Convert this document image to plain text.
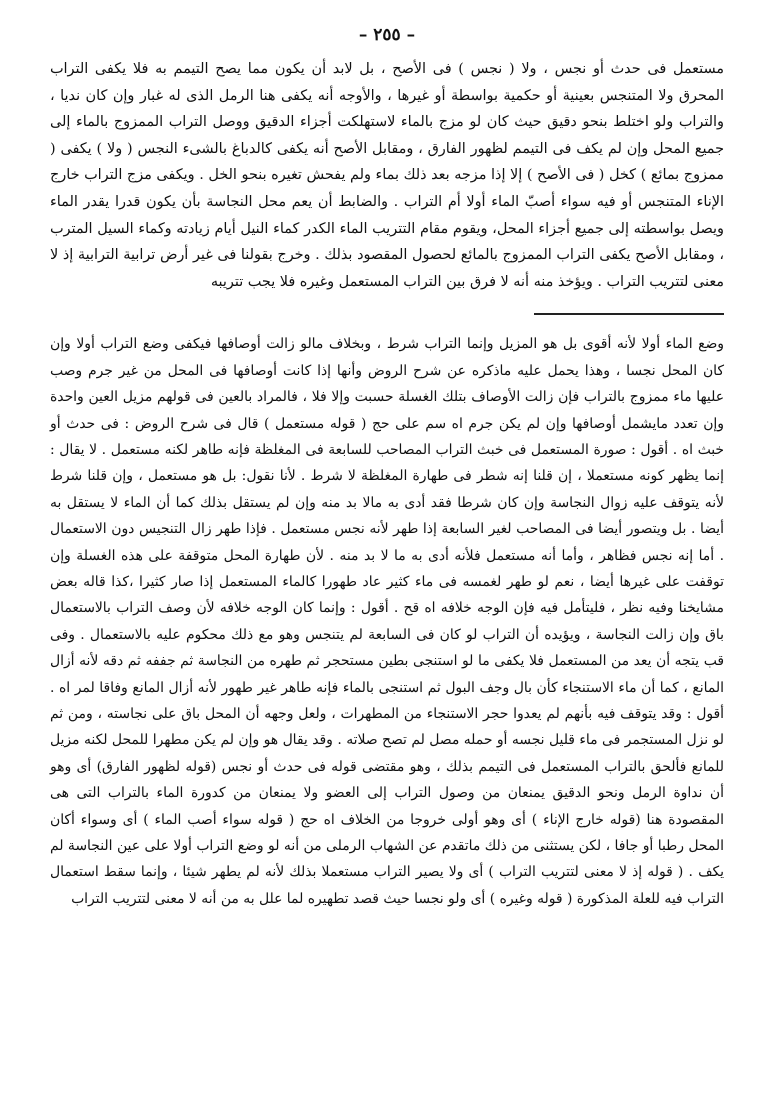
– ٢٥٥ –

مستعمل فى حدث أو نجس ، ولا ( نجس ) فى الأصح ، بل لابد أن يكون مما يصح التيمم به فلا يكفى التراب المحرق ولا المتنجس بعينية أو حكمية بواسطة أو غيرها ، والأوجه أنه يكفى هنا الرمل الذى له غبار وإن كان نديا ، والتراب ولو اختلط بنحو دقيق حيث كان لو مزج بالماء لاستهلكت أجزاء الدقيق ووصل التراب الممزوج بالماء إلى جميع المحل وإن لم يكف فى التيمم لظهور الفارق ، ومقابل الأصح أنه يكفى كالدباغ بالشىء النجس ( ولا ) يكفى ( ممزوج بمائع ) كخل ( فى الأصح ) إلا إذا مزجه بعد ذلك بماء ولم يفحش تغيره بنحو الخل . ويكفى مزج التراب خارج الإناء المتنجس أو فيه سواء أصبّ الماء أولا أم التراب . والضابط أن يعم محل النجاسة بأن يكون قدرا يقدر الماء ويصل بواسطته إلى جميع أجزاء المحل، ويقوم مقام التتريب الماء الكدر كماء النيل أيام زيادته وكماء السيل المترب ، ومقابل الأصح يكفى التراب الممزوج بالمائع لحصول المقصود بذلك . وخرج بقولنا فى غير أرض ترابية الترابية إذ لا معنى لتتريب التراب . ويؤخذ منه أنه لا فرق بين التراب المستعمل وغيره فلا يجب تتريبه

وضع الماء أولا لأنه أقوى بل هو المزيل وإنما التراب شرط ، وبخلاف مالو زالت أوصافها فيكفى وضع التراب أولا وإن كان المحل نجسا ، وهذا يحمل عليه ماذكره عن شرح الروض وأنها إذا كانت أوصافها فى المحل من غير جرم وصب عليها ماء ممزوج بالتراب فإن زالت الأوصاف بتلك الغسلة حسبت وإلا فلا ، فالمراد بالعين فى قولهم مزيل العين واحدة وإن تعدد مايشمل أوصافها وإن لم يكن جرم اه سم على حج ( قوله مستعمل ) قال فى شرح الروض : فى حدث أو خبث اه . أقول : صورة المستعمل فى خبث التراب المصاحب للسابعة فى المغلظة فإنه طاهر لكنه مستعمل . لا يقال : إنما يظهر كونه مستعملا ، إن قلنا إنه شطر فى طهارة المغلظة لا شرط . لأنا نقول: بل هو مستعمل ، وإن قلنا شرط لأنه يتوقف عليه زوال النجاسة وإن كان شرطا فقد أدى به مالا بد منه وإن لم يستقل بذلك كما أن الماء لا يستقل به أيضا . بل ويتصور أيضا فى المصاحب لغير السابعة إذا طهر لأنه نجس مستعمل . فإذا طهر زال التنجيس دون الاستعمال . أما إنه نجس فظاهر ، وأما أنه مستعمل فلأنه أدى به ما لا بد منه . لأن طهارة المحل متوقفة على هذه الغسلة وإن توقفت على غيرها أيضا ، نعم لو طهر لغمسه فى ماء كثير عاد طهورا كالماء المستعمل إذا صار كثيرا ،كذا قاله بعض مشايخنا وفيه نظر ، فليتأمل فيه فإن الوجه خلافه اه قح . أقول : وإنما كان الوجه خلافه لأن وصف التراب بالاستعمال باق وإن زالت النجاسة ، ويؤيده أن التراب لو كان فى السابعة لم يتنجس وهو مع ذلك محكوم عليه بالاستعمال . وفى قب يتجه أن يعد من المستعمل فلا يكفى ما لو استنجى بطين مستحجر ثم طهره من النجاسة ثم جففه ثم دقه لأنه أزال المانع ، كما أن ماء الاستنجاء كأن بال وجف البول ثم استنجى بالماء فإنه طاهر غير طهور لأنه أزال المانع وفاقا لمر اه . أقول : وقد يتوقف فيه بأنهم لم يعدوا حجر الاستنجاء من المطهرات ، ولعل وجهه أن المحل باق على نجاسته ، ومن ثم لو نزل المستجمر فى ماء قليل نجسه أو حمله مصل لم تصح صلاته . وقد يقال هو وإن لم يكن مطهرا للمحل لكنه مزيل للمانع فألحق بالتراب المستعمل فى التيمم بذلك ، وهو مقتضى قوله فى حدث أو نجس (قوله لظهور الفارق) أى وهو أن نداوة الرمل ونحو الدقيق يمنعان من وصول التراب إلى العضو ولا يمنعان من كدورة الماء بالتراب التى هى المقصودة هنا (قوله خارج الإناء ) أى وهو أولى خروجا من الخلاف اه حج ( قوله سواء أصب الماء ) أى وسواء أكان المحل رطبا أو جافا ، لكن يستثنى من ذلك ماتقدم عن الشهاب الرملى من أنه لو وضع التراب أولا على عين النجاسة لم يكف . ( قوله إذ لا معنى لتتريب التراب ) أى ولا يصير التراب مستعملا بذلك لأنه لم يطهر شيئا ، وإنما سقط استعمال التراب فيه للعلة المذكورة ( قوله وغيره ) أى ولو نجسا حيث قصد تطهيره لما علل به من أنه لا معنى لتتريب التراب
